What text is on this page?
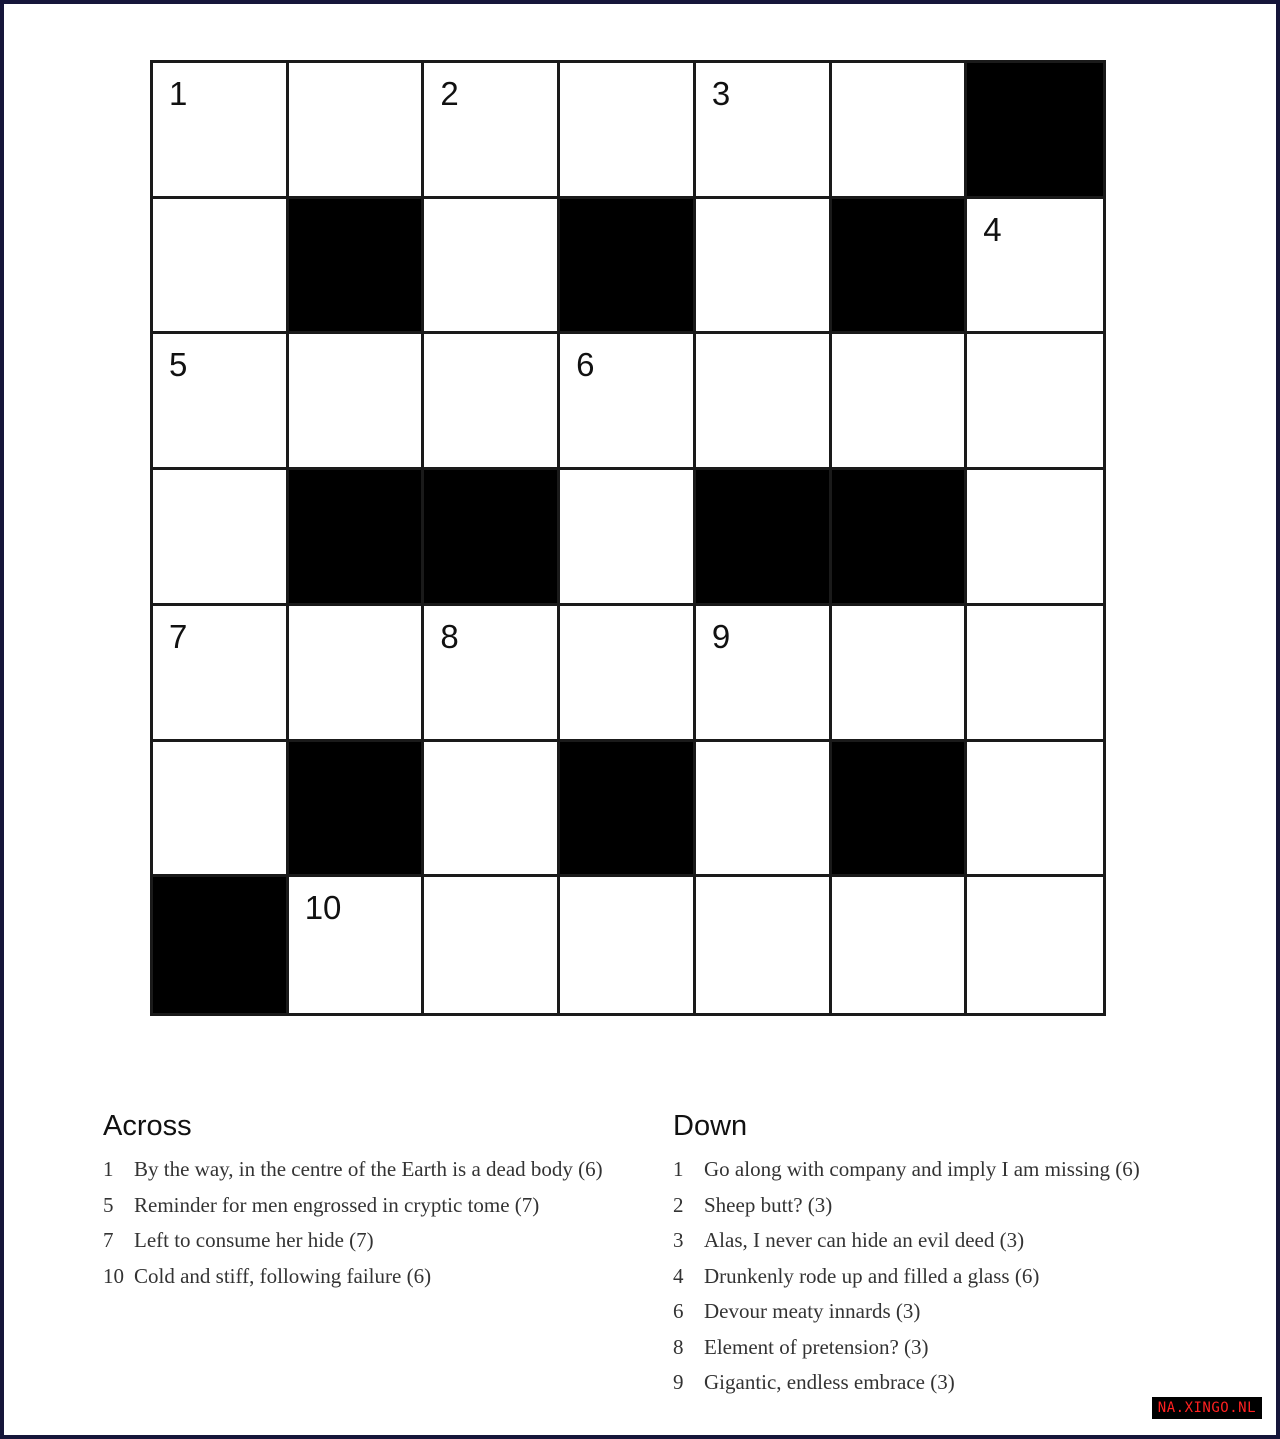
1	2	3
4
5	6
7	8	9
10
Across
1 By the way, in the centre of the Earth is a dead body (6)
5 Reminder for men engrossed in cryptic tome (7)
7 Left to consume her hide (7)
10 Cold and stiff, following failure (6)
Down
1 Go along with company and imply I am missing (6)
2 Sheep butt? (3)
3 Alas, I never can hide an evil deed (3)
4 Drunkenly rode up and filled a glass (6)
6 Devour meaty innards (3)
8 Element of pretension? (3)
9 Gigantic, endless embrace (3)
NA.XINGO.NL
